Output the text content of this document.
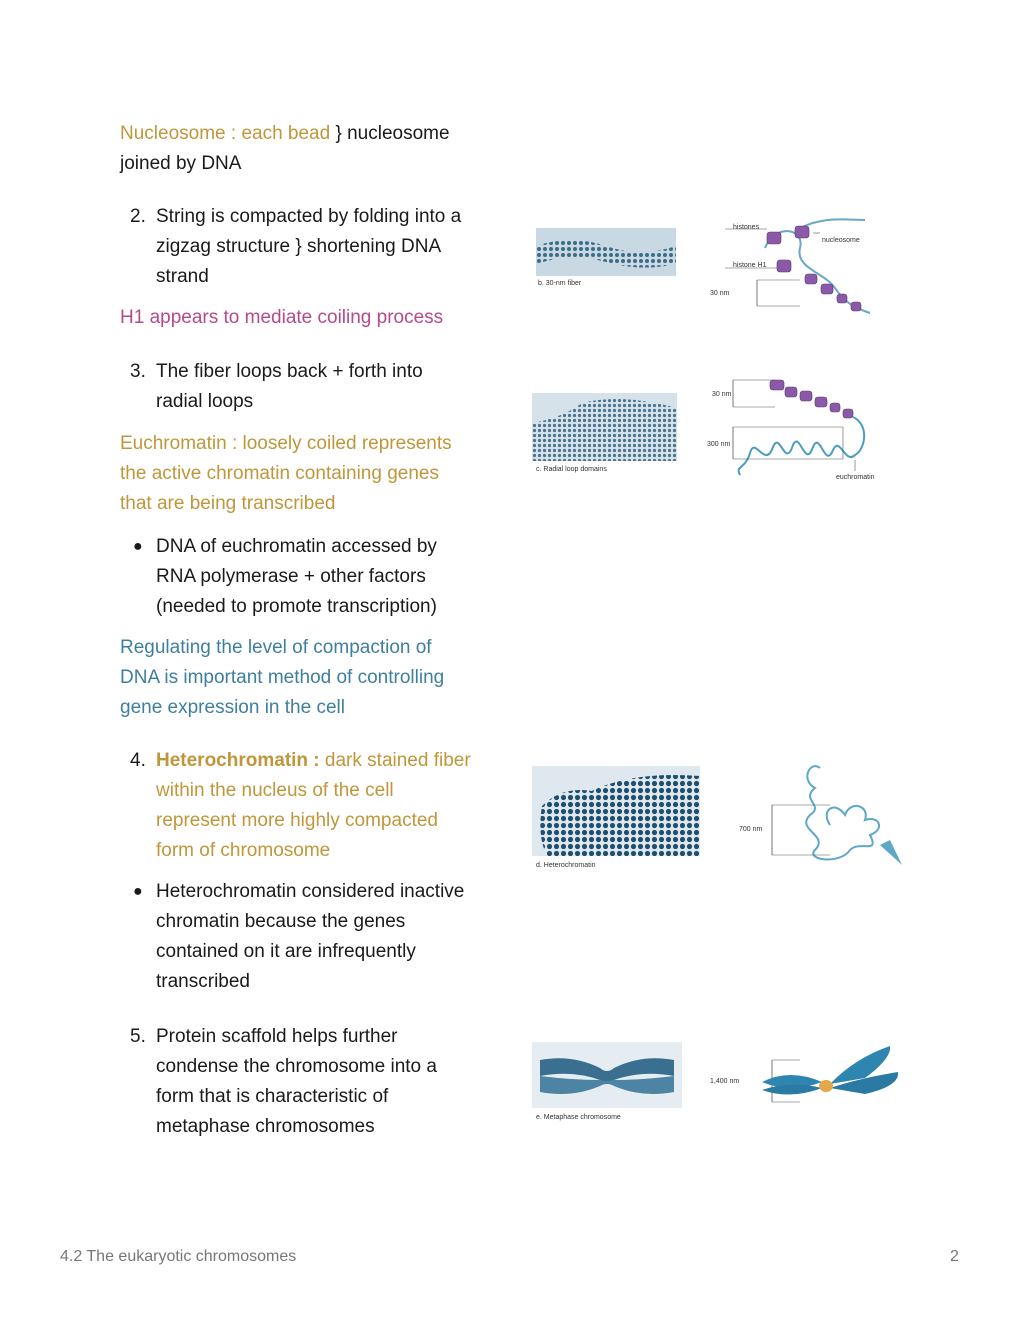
Nucleosome : each bead } nucleosome

joined by DNA

2. String is compacted by folding into a

zigzag structure } shortening DNA

strand

H1 appears to mediate coiling process

3. The fiber loops back + forth into

radial loops

Euchromatin : loosely coiled represents

the active chromatin containing genes

that are being transcribed

● DNA of euchromatin accessed by

RNA polymerase + other factors

(needed to promote transcription)

Regulating the level of compaction of

DNA is important method of controlling

gene expression in the cell

4. Heterochromatin : dark stained fiber

within the nucleus of the cell

represent more highly compacted

form of chromosome

● Heterochromatin considered inactive

chromatin because the genes

contained on it are infrequently

transcribed

5. Protein scaffold helps further

condense the chromosome into a

form that is characteristic of

metaphase chromosomes

b. 30-nm fiber
histones
nucleosome
histone H1
30 nm
c. Radial loop domains
30 nm
300 nm
euchromatin
d. Heterochromatin
700 nm
e. Metaphase chromosome
1,400 nm
4.2 The eukaryotic chromosomes	2
